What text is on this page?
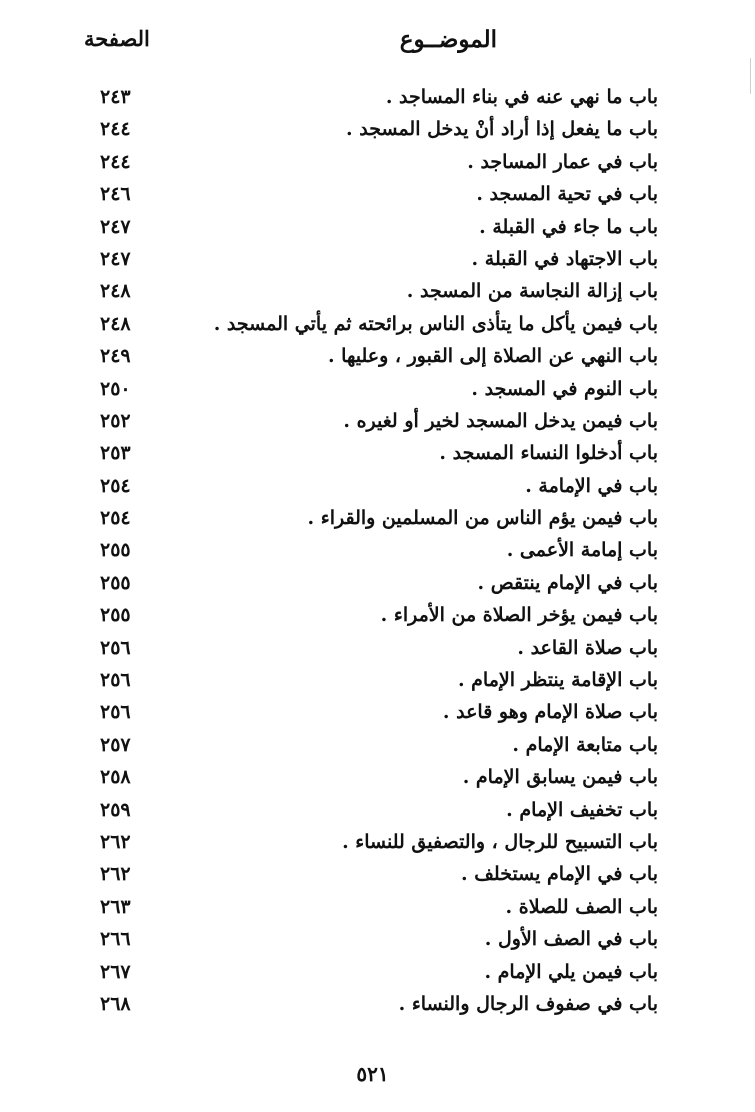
الموضــوع
الصفحة
باب ما نهي عنه في بناء المساجد .
٢٤٣
باب ما يفعل إذا أراد أنْ يدخل المسجد .
٢٤٤
باب في عمار المساجد .
٢٤٤
باب في تحية المسجد .
٢٤٦
باب ما جاء في القبلة .
٢٤٧
باب الاجتهاد في القبلة .
٢٤٧
باب إزالة النجاسة من المسجد .
٢٤٨
باب فيمن يأكل ما يتأذى الناس برائحته ثم يأتي المسجد .
٢٤٨
باب النهي عن الصلاة إلى القبور ، وعليها .
٢٤٩
باب النوم في المسجد .
٢٥٠
باب فيمن يدخل المسجد لخير أو لغيره .
٢٥٢
باب أدخلوا النساء المسجد .
٢٥٣
باب في الإمامة .
٢٥٤
باب فيمن يؤم الناس من المسلمين والقراء .
٢٥٤
باب إمامة الأعمى .
٢٥٥
باب في الإمام ينتقص .
٢٥٥
باب فيمن يؤخر الصلاة من الأمراء .
٢٥٥
باب صلاة القاعد .
٢٥٦
باب الإقامة ينتظر الإمام .
٢٥٦
باب صلاة الإمام وهو قاعد .
٢٥٦
باب متابعة الإمام .
٢٥٧
باب فيمن يسابق الإمام .
٢٥٨
باب تخفيف الإمام .
٢٥٩
باب التسبيح للرجال ، والتصفيق للنساء .
٢٦٢
باب في الإمام يستخلف .
٢٦٢
باب الصف للصلاة .
٢٦٣
باب في الصف الأول .
٢٦٦
باب فيمن يلي الإمام .
٢٦٧
باب في صفوف الرجال والنساء .
٢٦٨
٥٢١
